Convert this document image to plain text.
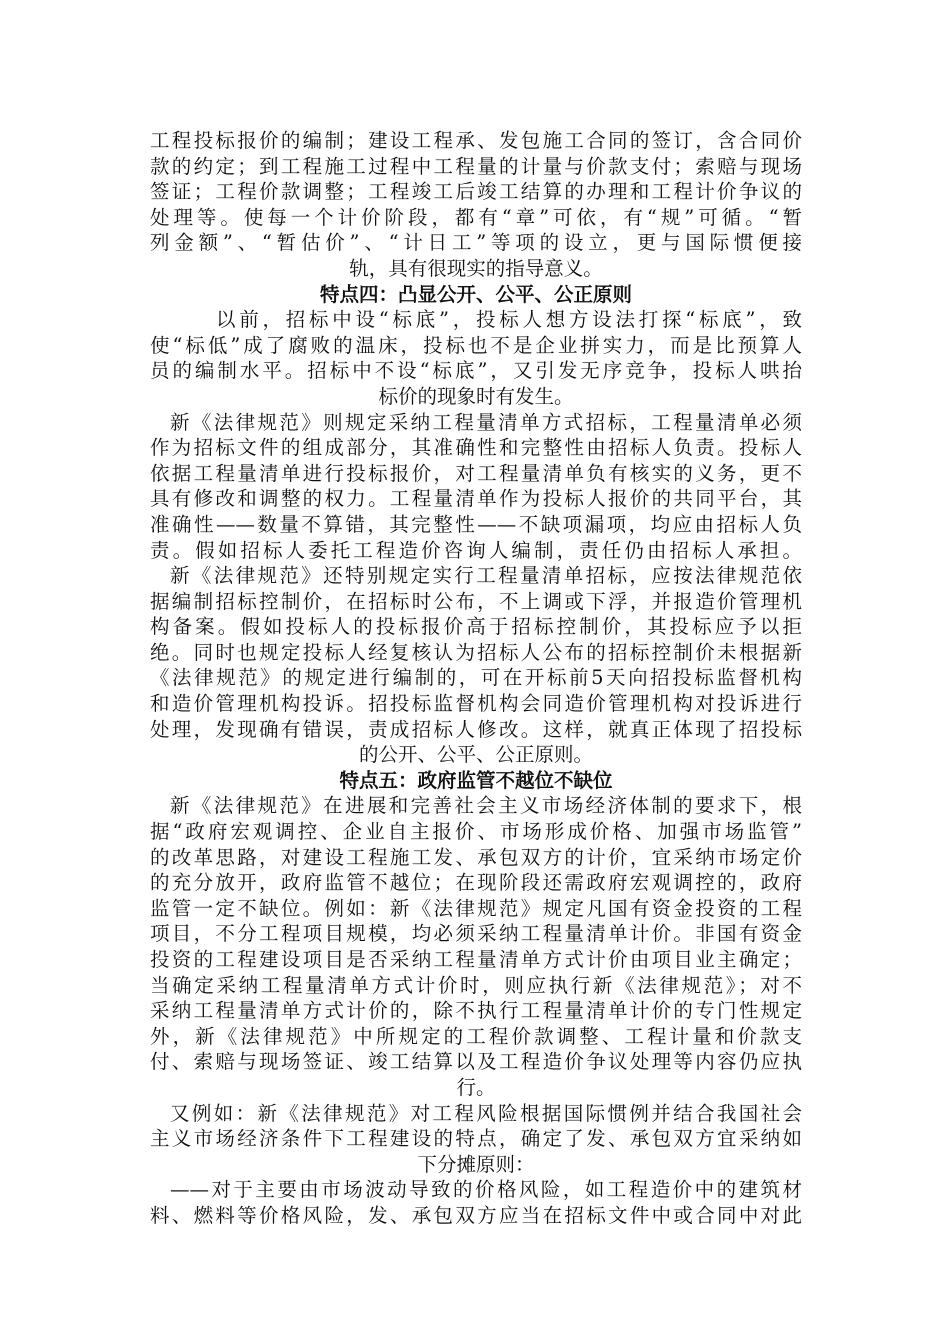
工程投标报价的编制；建设工程承、发包施工合同的签订，含合同价
款的约定；到工程施工过程中工程量的计量与价款支付；索赔与现场
签证；工程价款调整；工程竣工后竣工结算的办理和工程计价争议的
处理等。使每一个计价阶段，都有“章”可依，有“规”可循。“暂
列金额”、“暂估价”、“计日工”等项的设立，更与国际惯便接
轨，具有很现实的指导意义。
特点四：凸显公开、公平、公正原则
以前，招标中设“标底”，投标人想方设法打探“标底”，致
使“标低”成了腐败的温床，投标也不是企业拼实力，而是比预算人
员的编制水平。招标中不设“标底”，又引发无序竞争，投标人哄抬
标价的现象时有发生。
新《法律规范》则规定采纳工程量清单方式招标，工程量清单必须
作为招标文件的组成部分，其准确性和完整性由招标人负责。投标人
依据工程量清单进行投标报价，对工程量清单负有核实的义务，更不
具有修改和调整的权力。工程量清单作为投标人报价的共同平台，其
准确性——数量不算错，其完整性——不缺项漏项，均应由招标人负
责。假如招标人委托工程造价咨询人编制，责任仍由招标人承担。
新《法律规范》还特别规定实行工程量清单招标，应按法律规范依
据编制招标控制价，在招标时公布，不上调或下浮，并报造价管理机
构备案。假如投标人的投标报价高于招标控制价，其投标应予以拒
绝。同时也规定投标人经复核认为招标人公布的招标控制价未根据新
《法律规范》的规定进行编制的，可在开标前5天向招投标监督机构
和造价管理机构投诉。招投标监督机构会同造价管理机构对投诉进行
处理，发现确有错误，责成招标人修改。这样，就真正体现了招投标
的公开、公平、公正原则。
特点五：政府监管不越位不缺位
新《法律规范》在进展和完善社会主义市场经济体制的要求下，根
据“政府宏观调控、企业自主报价、市场形成价格、加强市场监管”
的改革思路，对建设工程施工发、承包双方的计价，宜采纳市场定价
的充分放开，政府监管不越位；在现阶段还需政府宏观调控的，政府
监管一定不缺位。例如：新《法律规范》规定凡国有资金投资的工程
项目，不分工程项目规模，均必须采纳工程量清单计价。非国有资金
投资的工程建设项目是否采纳工程量清单方式计价由项目业主确定；
当确定采纳工程量清单方式计价时，则应执行新《法律规范》；对不
采纳工程量清单方式计价的，除不执行工程量清单计价的专门性规定
外，新《法律规范》中所规定的工程价款调整、工程计量和价款支
付、索赔与现场签证、竣工结算以及工程造价争议处理等内容仍应执
行。
又例如：新《法律规范》对工程风险根据国际惯例并结合我国社会
主义市场经济条件下工程建设的特点，确定了发、承包双方宜采纳如
下分摊原则：
——对于主要由市场波动导致的价格风险，如工程造价中的建筑材
料、燃料等价格风险，发、承包双方应当在招标文件中或合同中对此
